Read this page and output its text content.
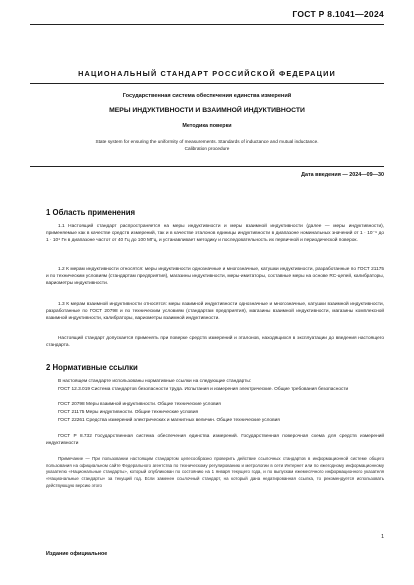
ГОСТ Р 8.1041—2024
НАЦИОНАЛЬНЫЙ СТАНДАРТ РОССИЙСКОЙ ФЕДЕРАЦИИ
Государственная система обеспечения единства измерений
МЕРЫ ИНДУКТИВНОСТИ И ВЗАИМНОЙ ИНДУКТИВНОСТИ
Методика поверки
State system for ensuring the uniformity of measurements. Standards of inductance and mutual inductance.
Calibration procedure
Дата введения — 2024—09—30
1 Область применения
1.1 Настоящий стандарт распространяется на меры индуктивности и меры взаимной индуктивности (далее — меры индуктивности), применяемые как в качестве средств измерений, так и в качестве эталонов единицы индуктивности в диапазоне номинальных значений от 1 · 10⁻⁹ до 1 · 10⁴ Гн в диапазоне частот от 40 Гц до 100 МГц, и устанавливает методику и последовательность их первичной и периодической поверок.
1.2 К мерам индуктивности относятся: меры индуктивности однозначные и многозначные, катушки индуктивности, разработанные по ГОСТ 21175 и по техническим условиям (стандартам предприятия), магазины индуктивности, меры-имитаторы, составные меры на основе RC-цепей, калибраторы, вариометры индуктивности.
1.3 К мерам взаимной индуктивности относятся: меры взаимной индуктивности однозначные и многозначные, катушки взаимной индуктивности, разработанные по ГОСТ 20798 и по техническим условиям (стандартам предприятия), магазины взаимной индуктивности, магазины комплексной взаимной индуктивности, калибраторы, вариометры взаимной индуктивности.
Настоящий стандарт допускается применять при поверке средств измерений и эталонов, находящихся в эксплуатации до введения настоящего стандарта.
2 Нормативные ссылки
В настоящем стандарте использованы нормативные ссылки на следующие стандарты:
ГОСТ 12.3.019 Система стандартов безопасности труда. Испытания и измерения электрические. Общие требования безопасности
ГОСТ 20798 Меры взаимной индуктивности. Общие технические условия
ГОСТ 21175 Меры индуктивности. Общие технические условия
ГОСТ 22261 Средства измерений электрических и магнитных величин. Общие технические условия
ГОСТ Р 8.732 Государственная система обеспечения единства измерений. Государственная поверочная схема для средств измерений индуктивности
Примечание — При пользовании настоящим стандартом целесообразно проверить действие ссылочных стандартов в информационной системе общего пользования на официальном сайте Федерального агентства по техническому регулированию и метрологии в сети Интернет или по ежегодному информационному указателю «Национальные стандарты», который опубликован по состоянию на 1 января текущего года, и по выпускам ежемесячного информационного указателя «Национальные стандарты» за текущий год. Если заменен ссылочный стандарт, на который дана недатированная ссылка, то рекомендуется использовать действующую версию этого
1
Издание официальное
